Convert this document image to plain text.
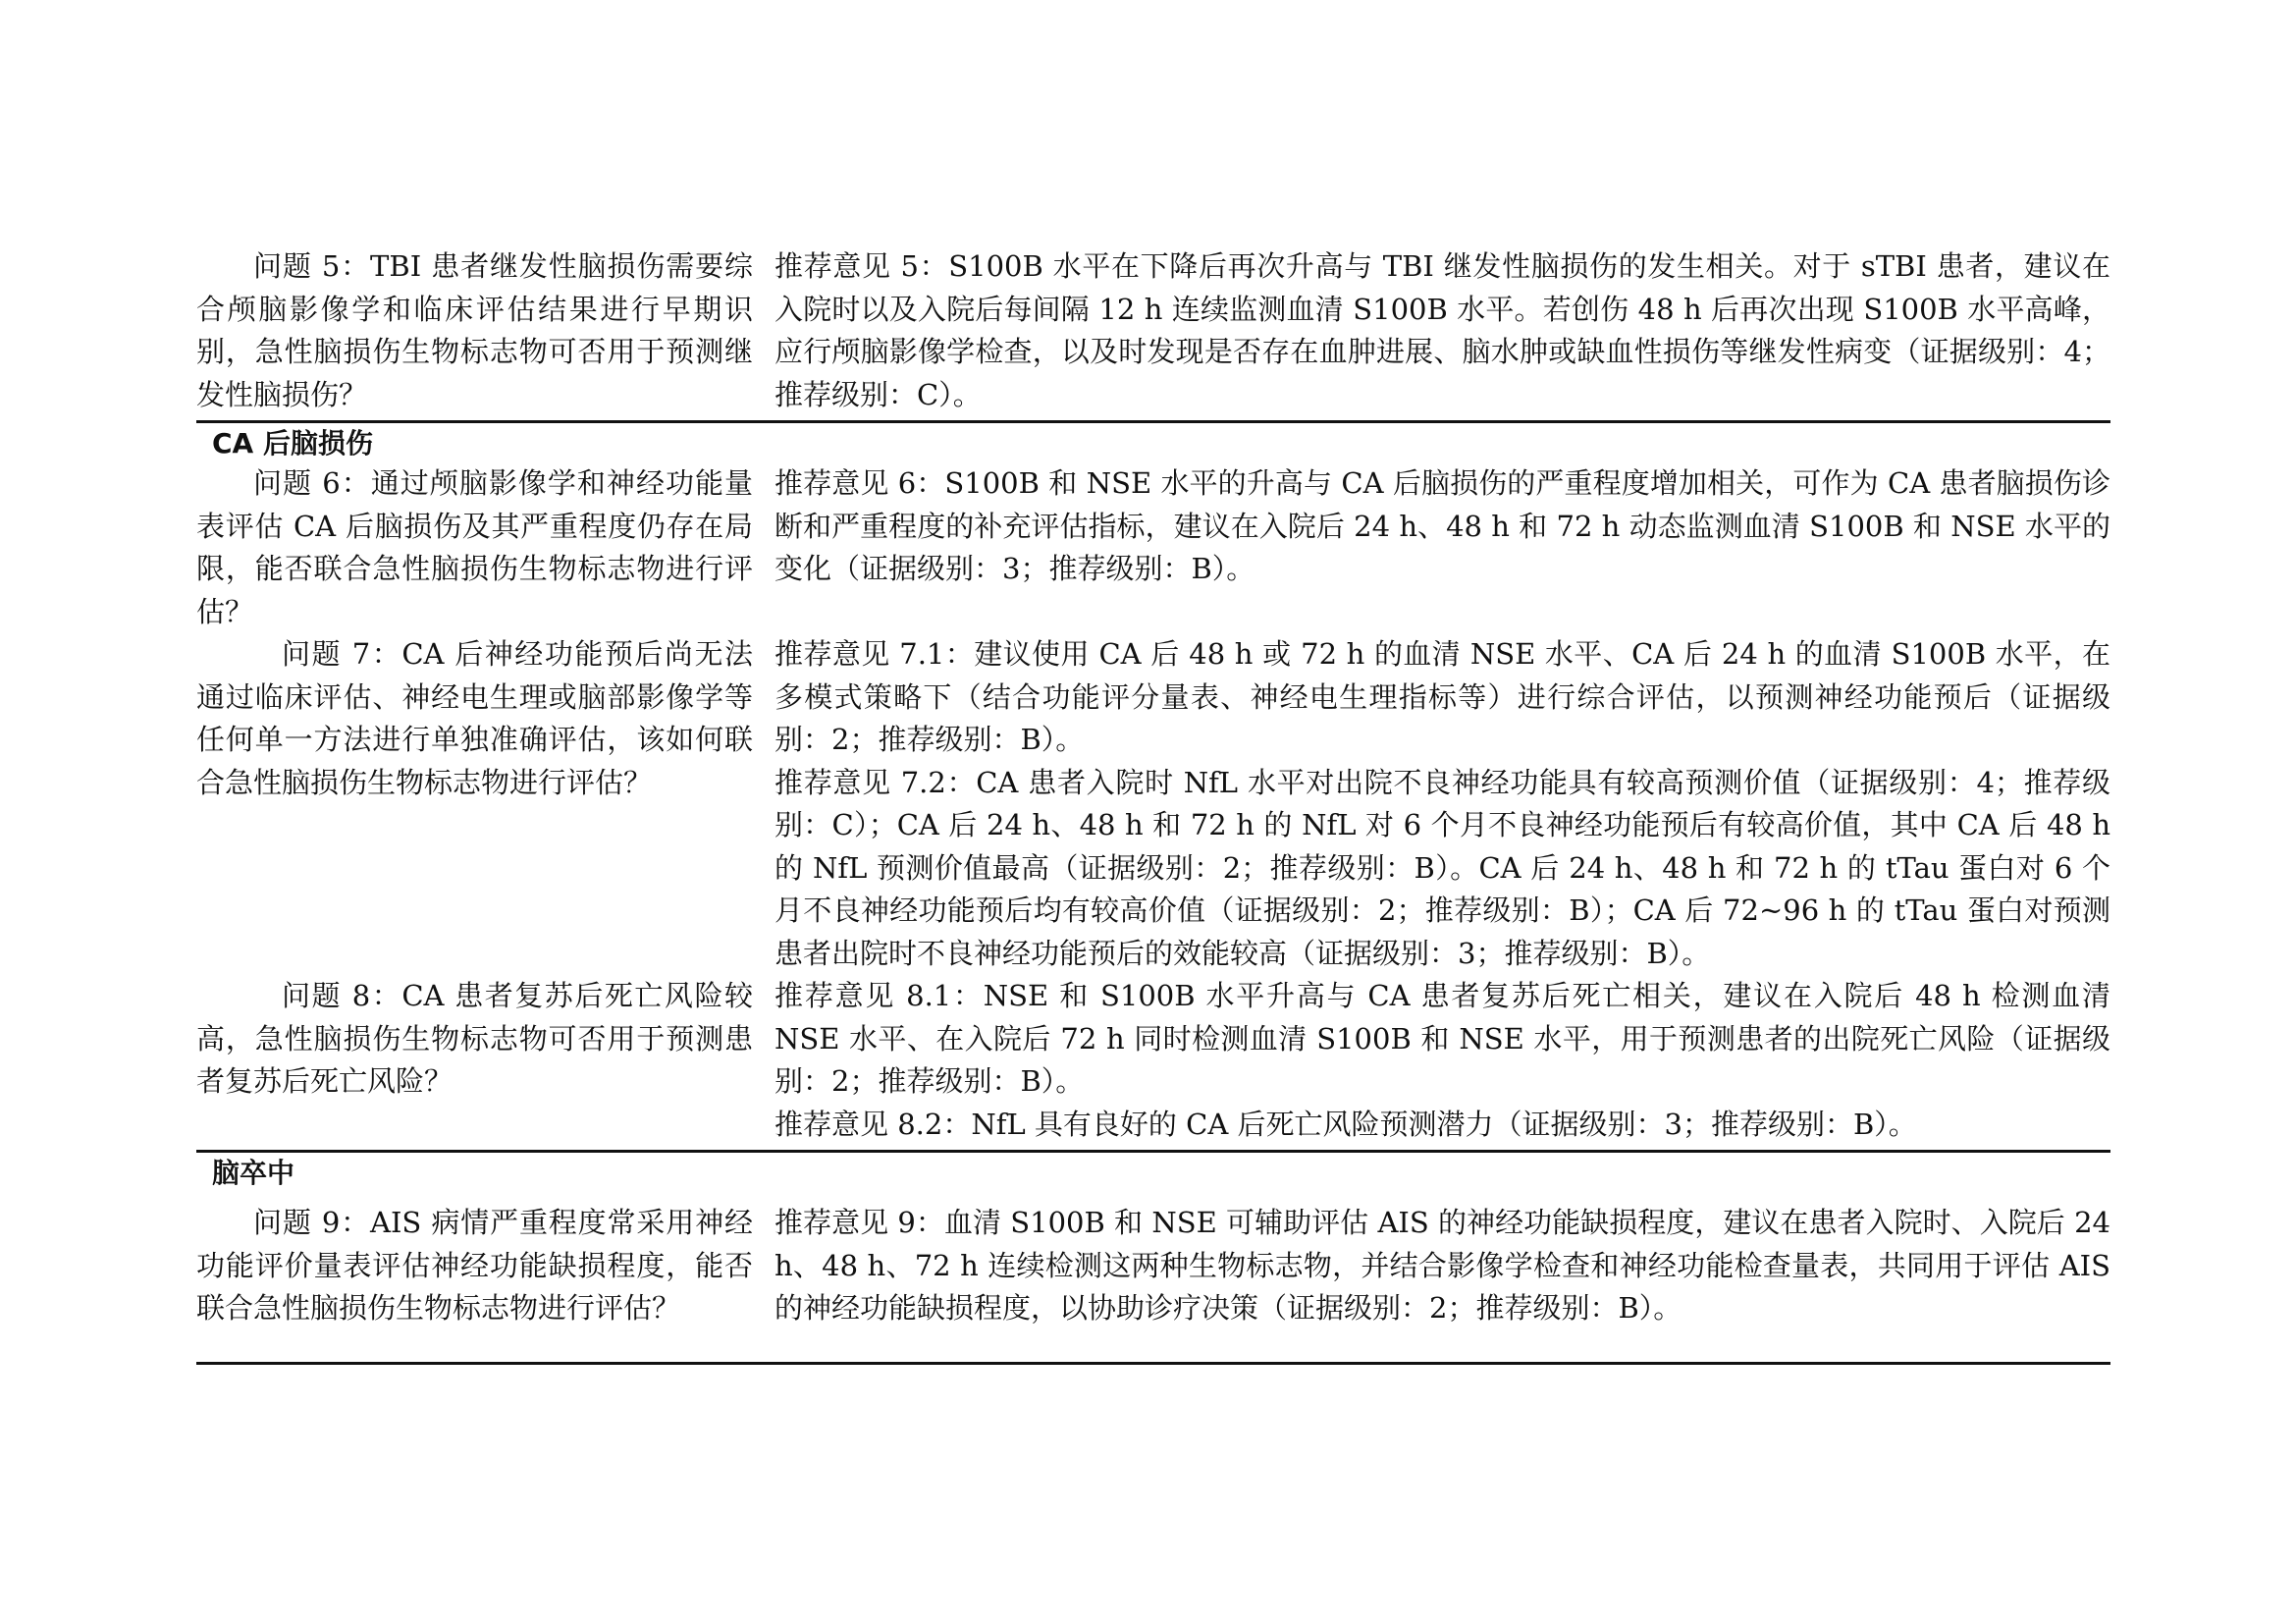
问题 5：TBI 患者继发性脑损伤需要综合颅脑影像学和临床评估结果进行早期识别，急性脑损伤生物标志物可否用于预测继发性脑损伤？	推荐意见 5：S100B 水平在下降后再次升高与 TBI 继发性脑损伤的发生相关。对于 sTBI 患者，建议在入院时以及入院后每间隔 12 h 连续监测血清 S100B 水平。若创伤 48 h 后再次出现 S100B 水平高峰，应行颅脑影像学检查，以及时发现是否存在血肿进展、脑水肿或缺血性损伤等继发性病变（证据级别：4；推荐级别：C）。

CA 后脑损伤	
问题 6：通过颅脑影像学和神经功能量表评估 CA 后脑损伤及其严重程度仍存在局限，能否联合急性脑损伤生物标志物进行评估？	推荐意见 6：S100B 和 NSE 水平的升高与 CA 后脑损伤的严重程度增加相关，可作为 CA 患者脑损伤诊断和严重程度的补充评估指标，建议在入院后 24 h、48 h 和 72 h 动态监测血清 S100B 和 NSE 水平的变化（证据级别：3；推荐级别：B）。

问题 7：CA 后神经功能预后尚无法通过临床评估、神经电生理或脑部影像学等任何单一方法进行单独准确评估，该如何联合急性脑损伤生物标志物进行评估？	推荐意见 7.1：建议使用 CA 后 48 h 或 72 h 的血清 NSE 水平、CA 后 24 h 的血清 S100B 水平，在多模式策略下（结合功能评分量表、神经电生理指标等）进行综合评估，以预测神经功能预后（证据级别：2；推荐级别：B）。

推荐意见 7.2：CA 患者入院时 NfL 水平对出院不良神经功能具有较高预测价值（证据级别：4；推荐级别：C）；CA 后 24 h、48 h 和 72 h 的 NfL 对 6 个月不良神经功能预后有较高价值，其中 CA 后 48 h 的 NfL 预测价值最高（证据级别：2；推荐级别：B）。CA 后 24 h、48 h 和 72 h 的 tTau 蛋白对 6 个月不良神经功能预后均有较高价值（证据级别：2；推荐级别：B）；CA 后 72~96 h 的 tTau 蛋白对预测患者出院时不良神经功能预后的效能较高（证据级别：3；推荐级别：B）。

问题 8：CA 患者复苏后死亡风险较高，急性脑损伤生物标志物可否用于预测患者复苏后死亡风险？	推荐意见 8.1：NSE 和 S100B 水平升高与 CA 患者复苏后死亡相关，建议在入院后 48 h 检测血清 NSE 水平、在入院后 72 h 同时检测血清 S100B 和 NSE 水平，用于预测患者的出院死亡风险（证据级别：2；推荐级别：B）。

推荐意见 8.2：NfL 具有良好的 CA 后死亡风险预测潜力（证据级别：3；推荐级别：B）。

脑卒中	
问题 9：AIS 病情严重程度常采用神经功能评价量表评估神经功能缺损程度，能否联合急性脑损伤生物标志物进行评估？	推荐意见 9：血清 S100B 和 NSE 可辅助评估 AIS 的神经功能缺损程度，建议在患者入院时、入院后 24 h、48 h、72 h 连续检测这两种生物标志物，并结合影像学检查和神经功能检查量表，共同用于评估 AIS 的神经功能缺损程度，以协助诊疗决策（证据级别：2；推荐级别：B）。
